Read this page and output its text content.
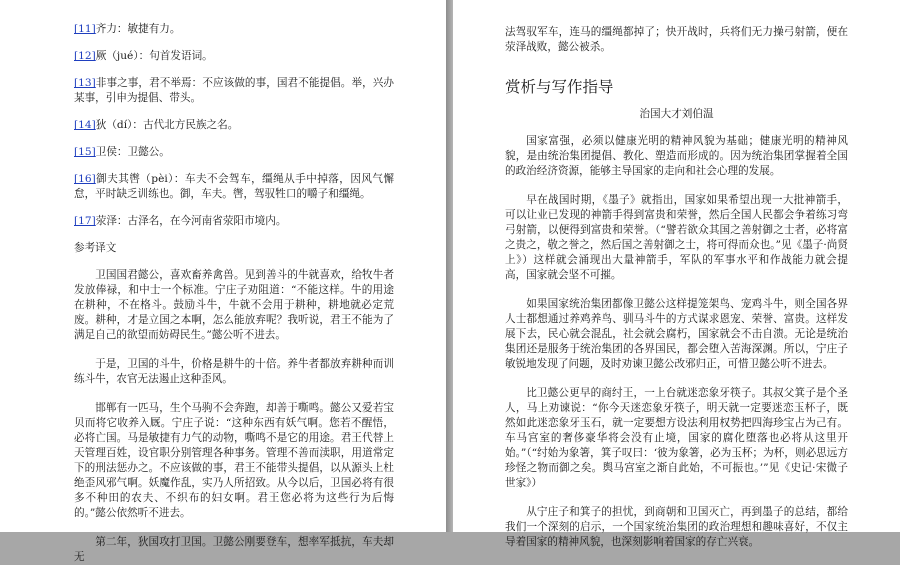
[11]齐力：敏捷有力。

[12]厥（jué）：句首发语词。

[13]非事之事，君不举焉：不应该做的事，国君不能提倡。举，兴办某事，引申为提倡、带头。

[14]狄（dí）：古代北方民族之名。

[15]卫侯：卫懿公。

[16]御夫其辔（pèi）：车夫不会驾车，缰绳从手中掉落，因风气懈怠，平时缺乏训练也。御，车夫。辔，驾驭牲口的嚼子和缰绳。

[17]荥泽：古泽名，在今河南省荥阳市境内。

参考译文

卫国国君懿公，喜欢畜养禽兽。见到善斗的牛就喜欢，给牧牛者发放俸禄，和中士一个标准。宁庄子劝阻道：“不能这样。牛的用途在耕种，不在格斗。鼓励斗牛，牛就不会用于耕种，耕地就必定荒废。耕种，才是立国之本啊，怎么能放弃呢？我听说，君王不能为了满足自己的欲望而妨碍民生。”懿公听不进去。

于是，卫国的斗牛，价格是耕牛的十倍。养牛者都放弃耕种而训练斗牛，农官无法遏止这种歪风。

邯郸有一匹马，生个马驹不会奔跑，却善于嘶鸣。懿公又爱若宝贝而将它收养入厩。宁庄子说：“这种东西有妖气啊。您若不醒悟，必将亡国。马是敏捷有力气的动物，嘶鸣不是它的用途。君王代替上天管理百姓，设官职分别管理各种事务。管理不善而渎职，用道常定下的刑法惩办之。不应该做的事，君王不能带头提倡，以从源头上杜绝歪风邪气啊。妖魔作乱，实乃人所招致。从今以后，卫国必将有很多不种田的农夫、不织布的妇女啊。君王您必将为这些行为后悔的。”懿公依然听不进去。

第二年，狄国攻打卫国。卫懿公刚要登车，想率军抵抗，车夫却无

法驾驭军车，连马的缰绳都掉了；快开战时，兵将们无力操弓射箭，便在荥泽战败，懿公被杀。

赏析与写作指导

治国大才刘伯温

国家富强，必须以健康光明的精神风貌为基础；健康光明的精神风貌，是由统治集团提倡、教化、塑造而形成的。因为统治集团掌握着全国的政治经济资源，能够主导国家的走向和社会心理的发展。

早在战国时期，《墨子》就指出，国家如果希望出现一大批神箭手，可以让业已发现的神箭手得到富贵和荣誉，然后全国人民都会争着练习弯弓射箭，以便得到富贵和荣誉。（“譬若欲众其国之善射御之士者，必将富之贵之，敬之誉之，然后国之善射御之士，将可得而众也。”见《墨子·尚贤上》）这样就会涌现出大量神箭手，军队的军事水平和作战能力就会提高，国家就会坚不可摧。

如果国家统治集团都像卫懿公这样提笼架鸟、宠鸡斗牛，则全国各界人士都想通过养鸡养鸟、驯马斗牛的方式谋求恩宠、荣誉、富贵。这样发展下去，民心就会混乱，社会就会腐朽，国家就会不击自溃。无论是统治集团还是服务于统治集团的各界国民，都会堕入苦海深渊。所以，宁庄子敏锐地发现了问题，及时劝谏卫懿公改邪归正，可惜卫懿公听不进去。

比卫懿公更早的商纣王，一上台就迷恋象牙筷子。其叔父箕子是个圣人，马上劝谏说：“你今天迷恋象牙筷子，明天就一定要迷恋玉杯子，既然如此迷恋象牙玉石，就一定要想方设法利用权势把四海珍宝占为己有。车马宫室的奢侈豪华将会没有止境，国家的腐化堕落也必将从这里开始。”（“纣始为象箸，箕子叹曰：‘彼为象箸，必为玉杯；为杯，则必思远方珍怪之物而御之矣。舆马宫室之渐自此始，不可振也。’”见《史记·宋微子世家》）

从宁庄子和箕子的担忧，到商朝和卫国灭亡，再到墨子的总结，都给我们一个深刻的启示，一个国家统治集团的政治理想和趣味喜好，不仅主导着国家的精神风貌，也深刻影响着国家的存亡兴衰。
